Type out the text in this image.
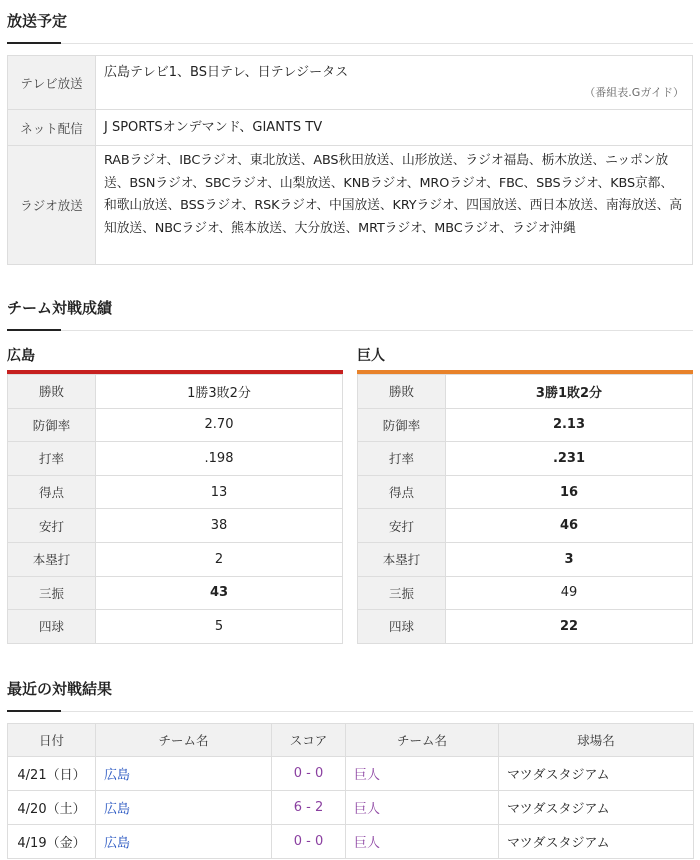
放送予定
テレビ放送	広島テレビ1、BS日テレ、日テレジータス
（番組表.Gガイド）

ネット配信	J SPORTSオンデマンド、GIANTS TV
ラジオ放送	RABラジオ、IBCラジオ、東北放送、ABS秋田放送、山形放送、ラジオ福島、栃木放送、ニッポン放送、BSNラジオ、SBCラジオ、山梨放送、KNBラジオ、MROラジオ、FBC、SBSラジオ、KBS京都、和歌山放送、BSSラジオ、RSKラジオ、中国放送、KRYラジオ、四国放送、西日本放送、南海放送、高知放送、NBCラジオ、熊本放送、大分放送、MRTラジオ、MBCラジオ、ラジオ沖縄
チーム対戦成績
広島
勝敗	1勝3敗2分
防御率	2.70
打率	.198
得点	13
安打	38
本塁打	2
三振	43
四球	5
巨人
勝敗	3勝1敗2分
防御率	2.13
打率	.231
得点	16
安打	46
本塁打	3
三振	49
四球	22
最近の対戦結果
日付	チーム名	スコア	チーム名	球場名
4/21（日）	広島	0 - 0	巨人	マツダスタジアム
4/20（土）	広島	6 - 2	巨人	マツダスタジアム
4/19（金）	広島	0 - 0	巨人	マツダスタジアム
